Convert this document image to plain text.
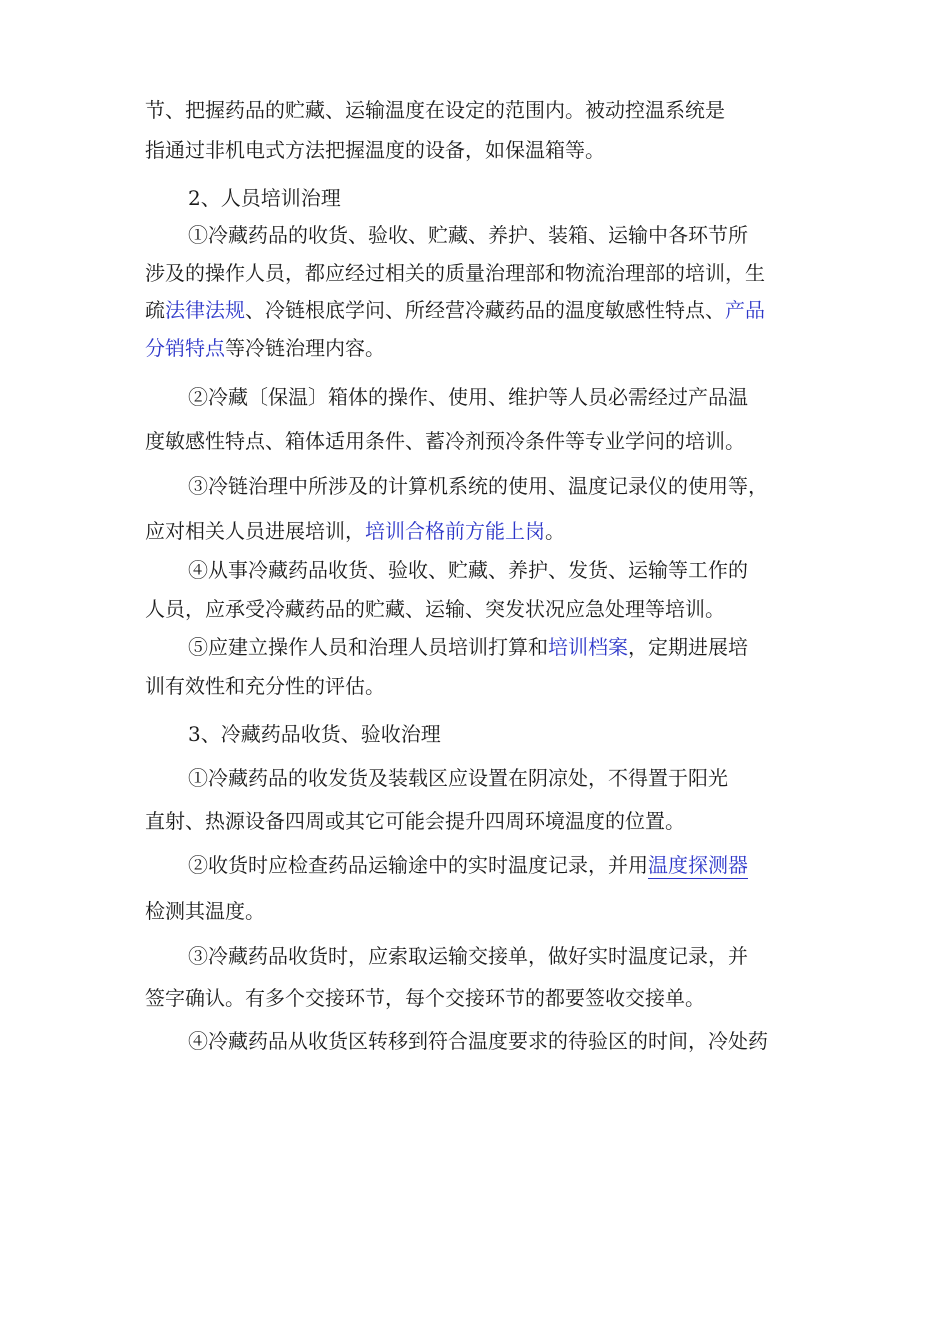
节、把握药品的贮藏、运输温度在设定的范围内。被动控温系统是
指通过非机电式方法把握温度的设备，如保温箱等。
2、人员培训治理
①冷藏药品的收货、验收、贮藏、养护、装箱、运输中各环节所
涉及的操作人员，都应经过相关的质量治理部和物流治理部的培训，生
疏法律法规、冷链根底学问、所经营冷藏药品的温度敏感性特点、产品
分销特点等冷链治理内容。
②冷藏〔保温〕箱体的操作、使用、维护等人员必需经过产品温
度敏感性特点、箱体适用条件、蓄冷剂预冷条件等专业学问的培训。
③冷链治理中所涉及的计算机系统的使用、温度记录仪的使用等，
应对相关人员进展培训，培训合格前方能上岗。
④从事冷藏药品收货、验收、贮藏、养护、发货、运输等工作的
人员，应承受冷藏药品的贮藏、运输、突发状况应急处理等培训。
⑤应建立操作人员和治理人员培训打算和培训档案，定期进展培
训有效性和充分性的评估。
3、冷藏药品收货、验收治理
①冷藏药品的收发货及装载区应设置在阴凉处，不得置于阳光
直射、热源设备四周或其它可能会提升四周环境温度的位置。
②收货时应检查药品运输途中的实时温度记录，并用温度探测器
检测其温度。
③冷藏药品收货时，应索取运输交接单，做好实时温度记录，并
签字确认。有多个交接环节，每个交接环节的都要签收交接单。
④冷藏药品从收货区转移到符合温度要求的待验区的时间，冷处药
